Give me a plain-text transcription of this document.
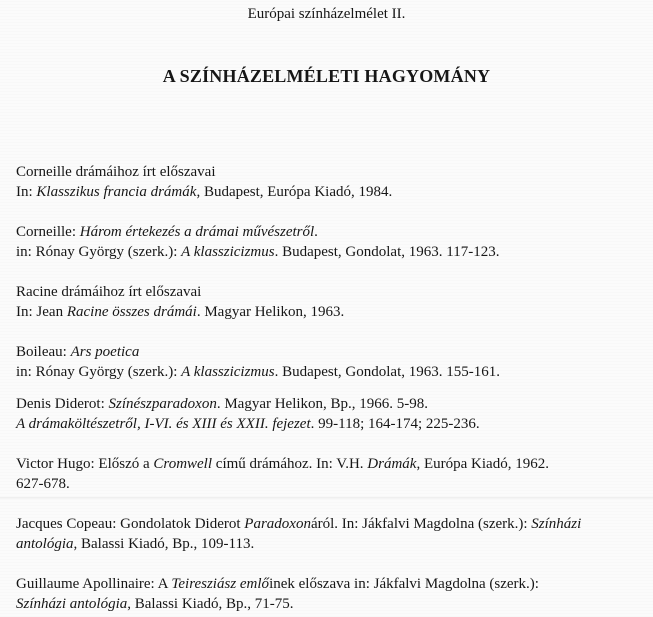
Európai színházelmélet II.
A SZÍNHÁZELMÉLETI HAGYOMÁNY
Corneille drámáihoz írt előszavai
In: Klasszikus francia drámák, Budapest, Európa Kiadó, 1984.
Corneille: Három értekezés a drámai művészetről.
in: Rónay György (szerk.): A klasszicizmus. Budapest, Gondolat, 1963. 117-123.
Racine drámáihoz írt előszavai
In: Jean Racine összes drámái. Magyar Helikon, 1963.
Boileau: Ars poetica
in: Rónay György (szerk.): A klasszicizmus. Budapest, Gondolat, 1963. 155-161.
Denis Diderot: Színészparadoxon. Magyar Helikon, Bp., 1966. 5-98.
A drámaköltészetről, I-VI. és XIII és XXII. fejezet. 99-118; 164-174; 225-236.
Victor Hugo: Előszó a Cromwell című drámához. In: V.H. Drámák, Európa Kiadó, 1962.
627-678.
Jacques Copeau: Gondolatok Diderot Paradoxonáról. In: Jákfalvi Magdolna (szerk.): Színházi
antológia, Balassi Kiadó, Bp., 109-113.
Guillaume Apollinaire: A Teiresziász emlőinek előszava in: Jákfalvi Magdolna (szerk.):
Színházi antológia, Balassi Kiadó, Bp., 71-75.
